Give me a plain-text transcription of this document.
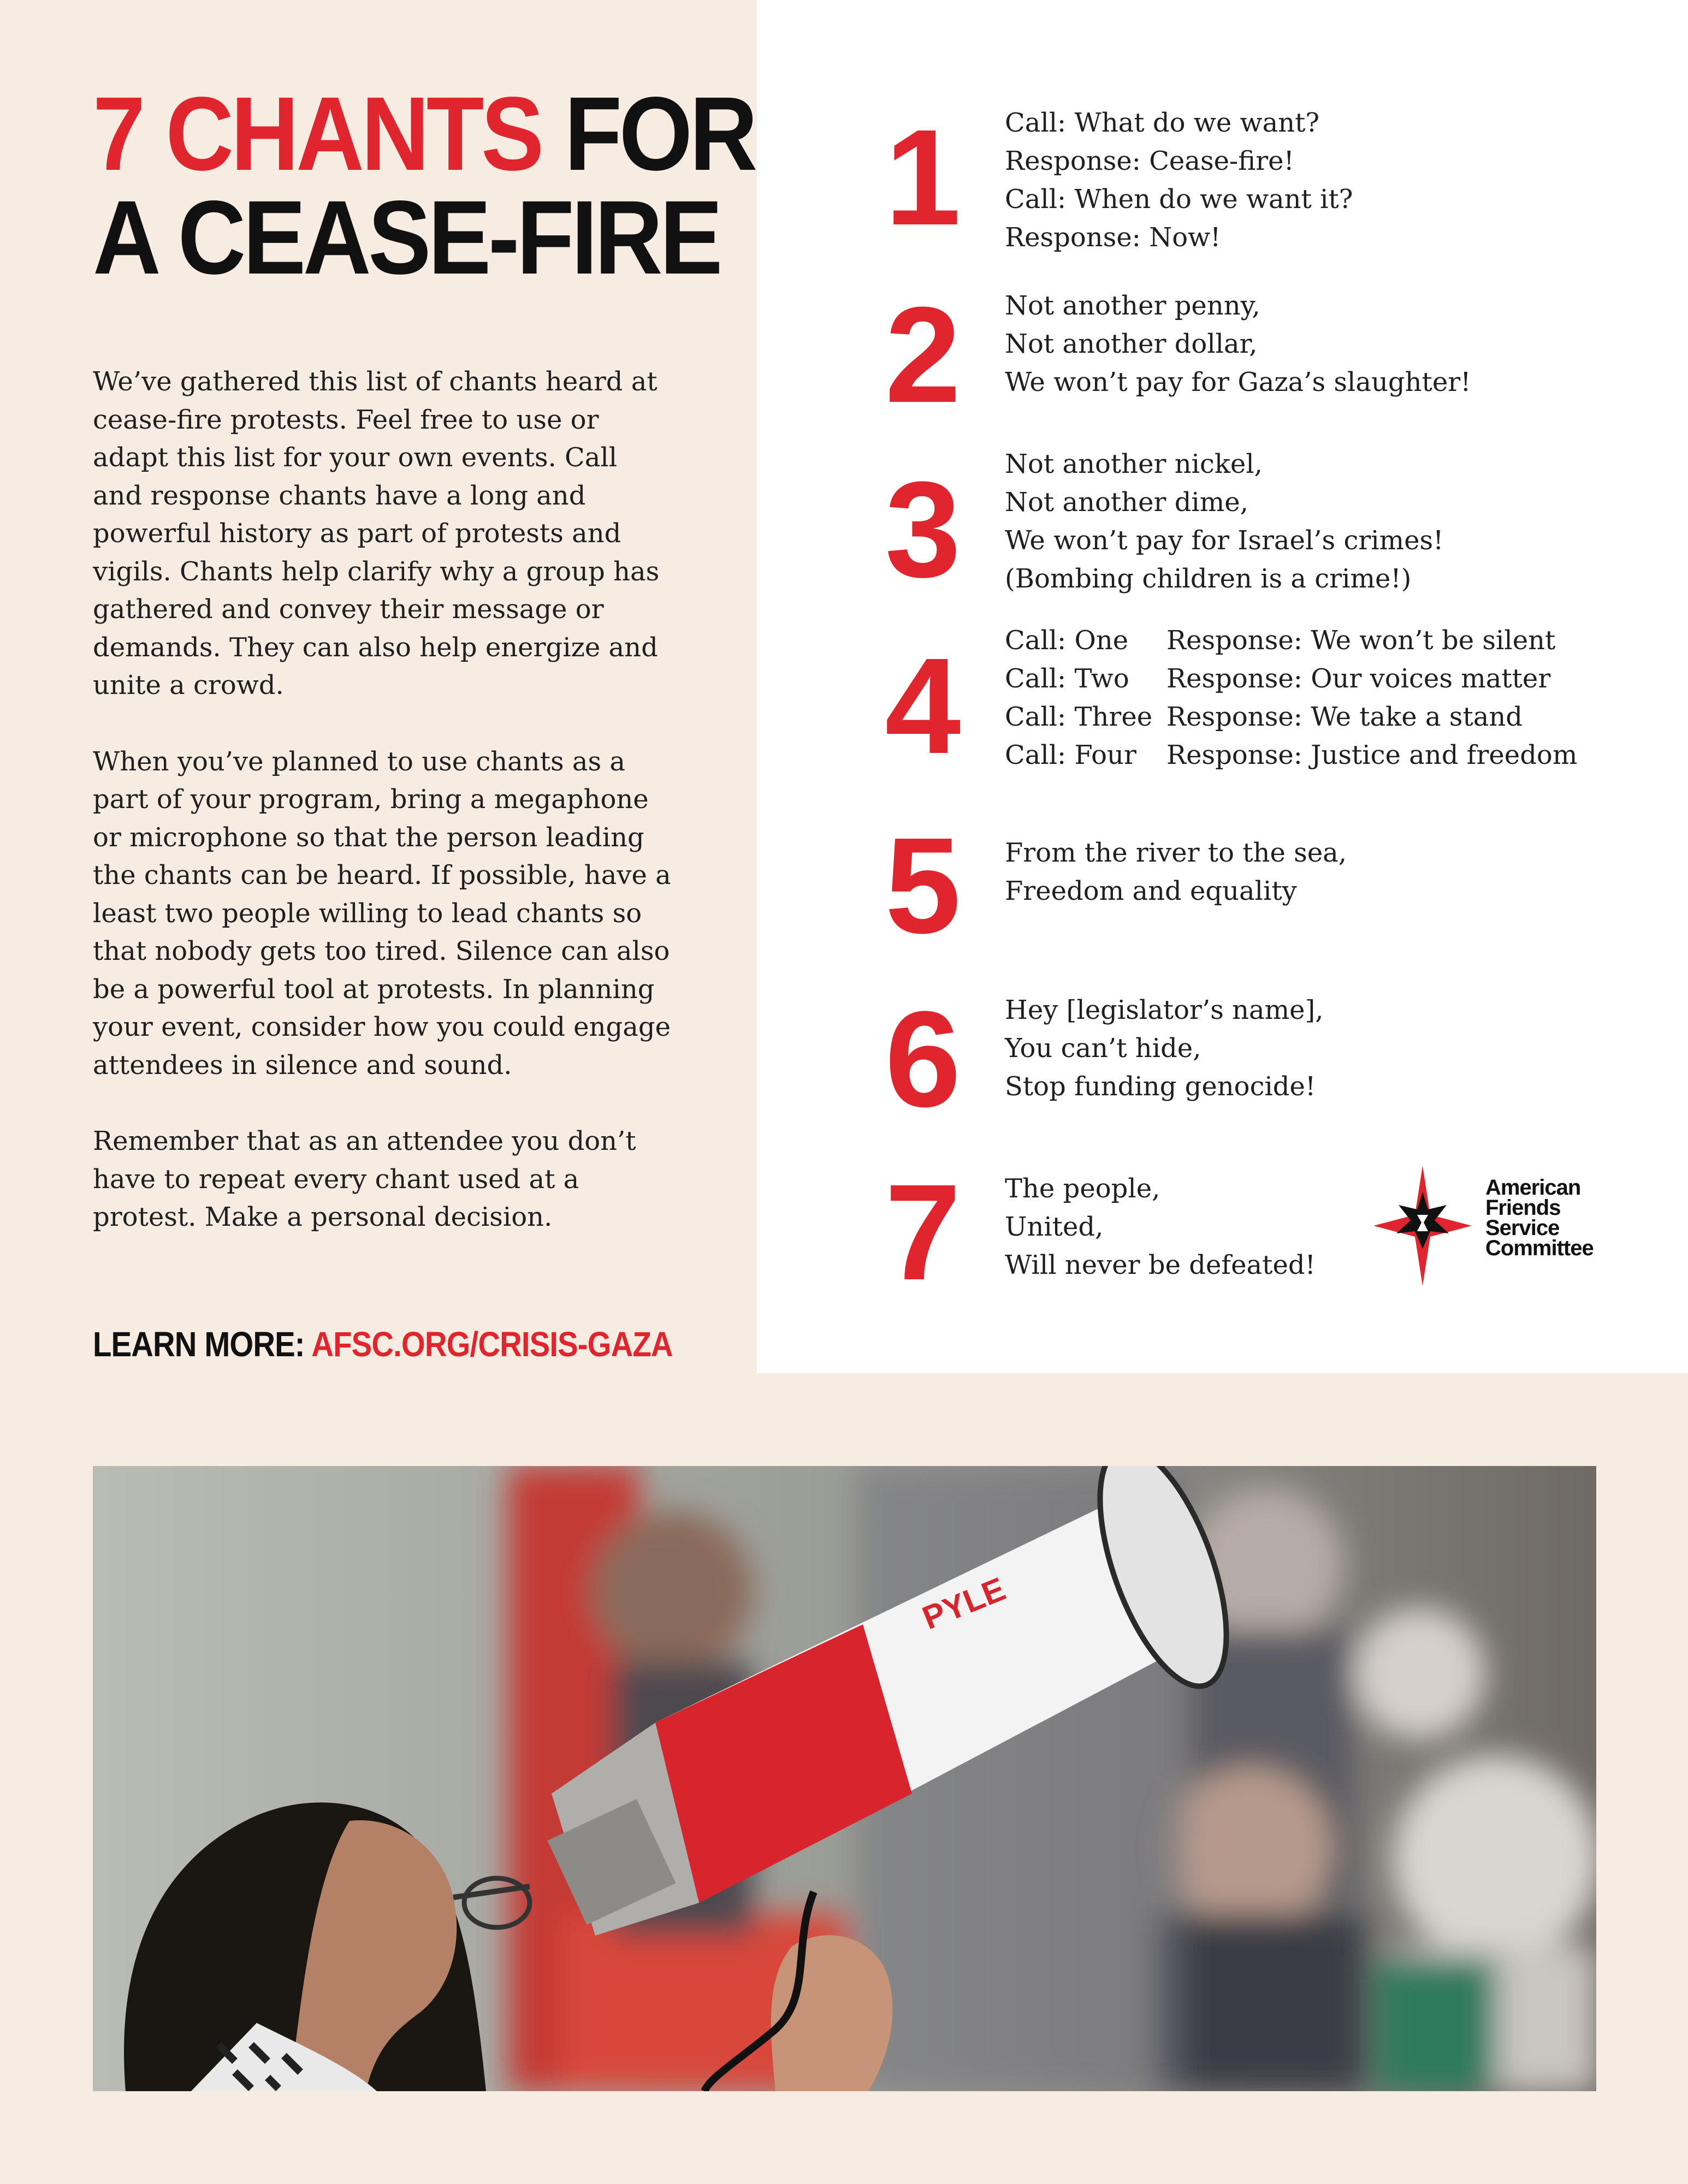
7 CHANTS FOR
A CEASE-FIRE

We’ve gathered this list of chants heard at cease-fire protests. Feel free to use or adapt this list for your own events. Call and response chants have a long and powerful history as part of protests and vigils. Chants help clarify why a group has gathered and convey their message or demands. They can also help energize and unite a crowd.

When you’ve planned to use chants as a part of your program, bring a megaphone or microphone so that the person leading the chants can be heard. If possible, have a least two people willing to lead chants so that nobody gets too tired. Silence can also be a powerful tool at protests. In planning your event, consider how you could engage attendees in silence and sound.

Remember that as an attendee you don’t have to repeat every chant used at a protest. Make a personal decision.

LEARN MORE: AFSC.ORG/CRISIS-GAZA
1	Call: What do we want?
Response: Cease-fire!
Call: When do we want it?
Response: Now!
2	Not another penny,
Not another dollar,
We won’t pay for Gaza’s slaughter!
3	Not another nickel,
Not another dime,
We won’t pay for Israel’s crimes!
(Bombing children is a crime!)
4	Call: One	Response: We won’t be silent
Call: Two	Response: Our voices matter
Call: Three Response: We take a stand
Call: Four	Response: Justice and freedom
5	From the river to the sea,
Freedom and equality
6	Hey [legislator’s name],
You can’t hide,
Stop funding genocide!
7	The people,
United,
Will never be defeated!
American
Friends
Service
Committee
PYLE
